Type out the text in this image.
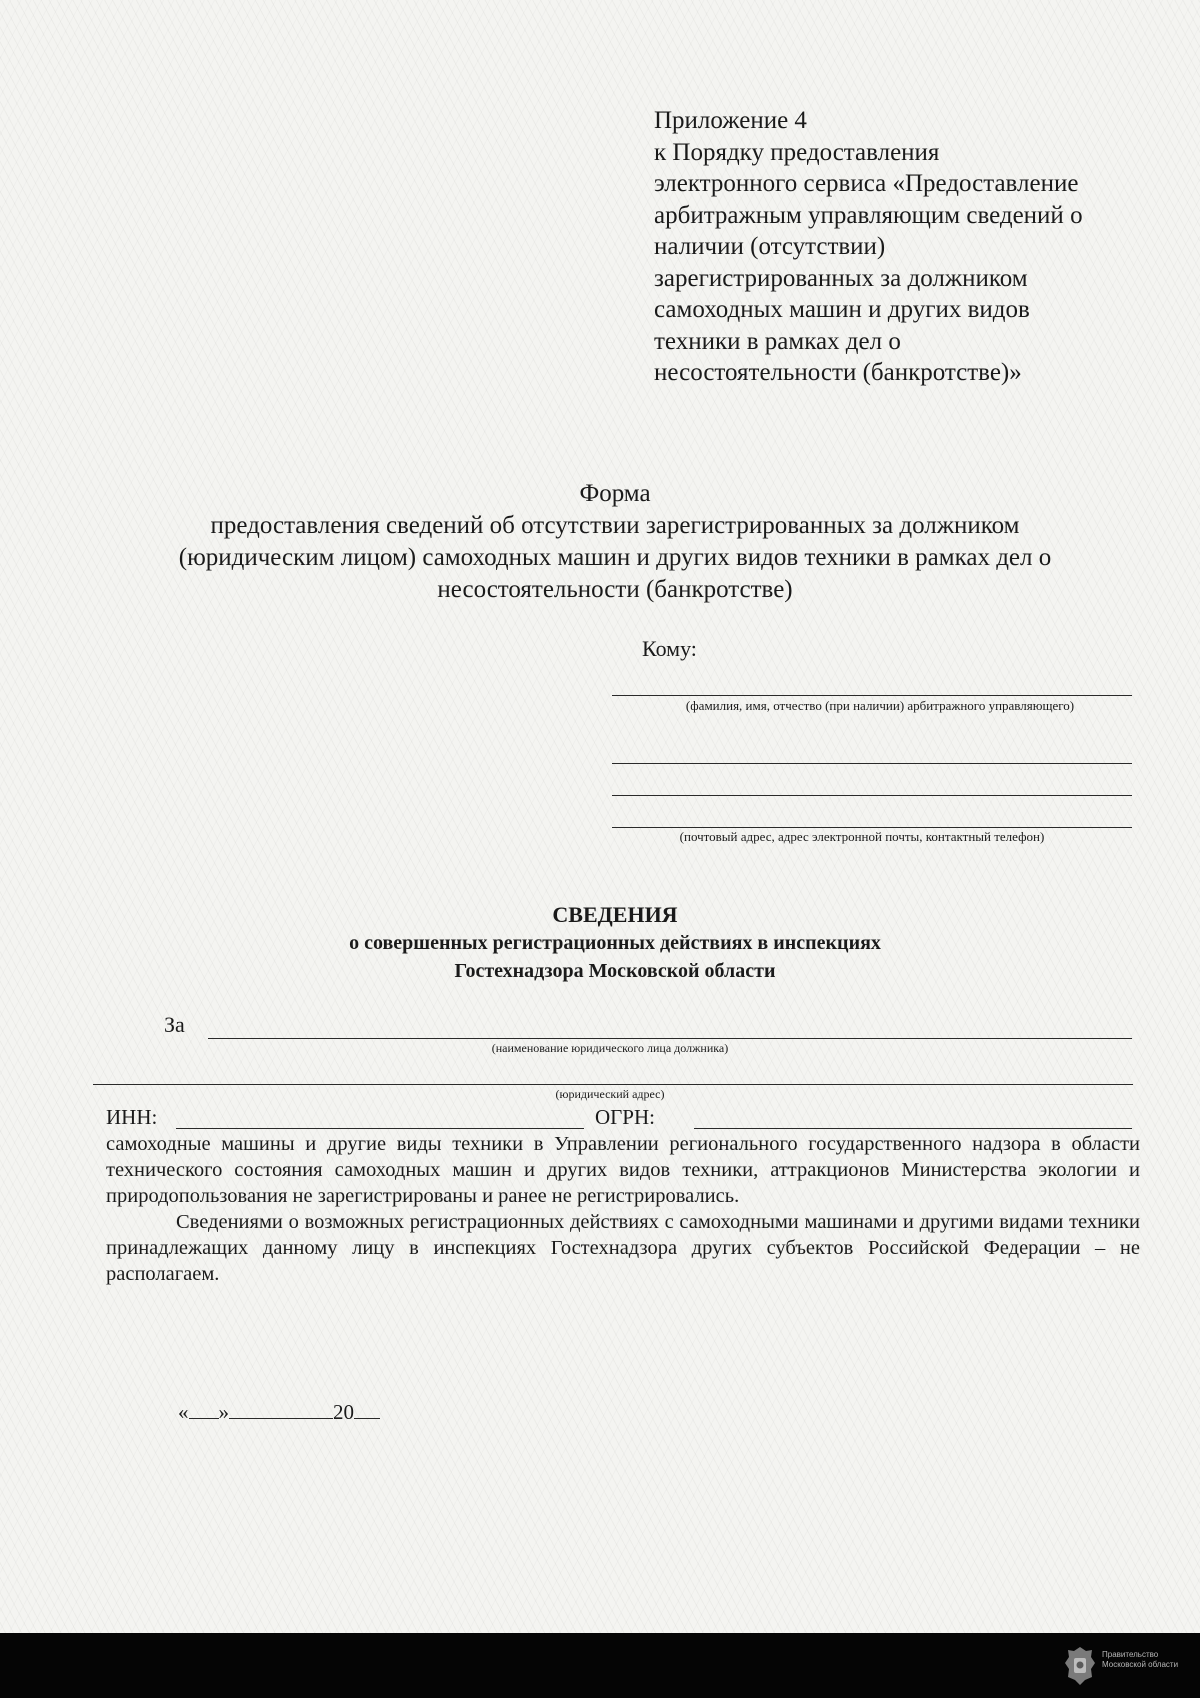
Приложение 4
к Порядку предоставления
электронного сервиса «Предоставление
арбитражным управляющим сведений о
наличии (отсутствии)
зарегистрированных за должником
самоходных машин и других видов
техники в рамках дел о
несостоятельности (банкротстве)»
Форма
предоставления сведений об отсутствии зарегистрированных за должником
(юридическим лицом) самоходных машин и других видов техники в рамках дел о
несостоятельности (банкротстве)
Кому:
(фамилия, имя, отчество (при наличии) арбитражного управляющего)
(почтовый адрес, адрес электронной почты, контактный телефон)
СВЕДЕНИЯ
о совершенных регистрационных действиях в инспекциях
Гостехнадзора Московской области
За
(наименование юридического лица должника)
(юридический адрес)
ИНН:	ОГРН:

самоходные машины и другие виды техники в Управлении регионального государственного надзора в области технического состояния самоходных машин и других видов техники, аттракционов Министерства экологии и природопользования не зарегистрированы и ранее не регистрировались.

Сведениями о возможных регистрационных действиях с самоходными машинами и другими видами техники принадлежащих данному лицу в инспекциях Гостехнадзора других субъектов Российской Федерации – не располагаем.

« »	20
Правительство
Московской области
